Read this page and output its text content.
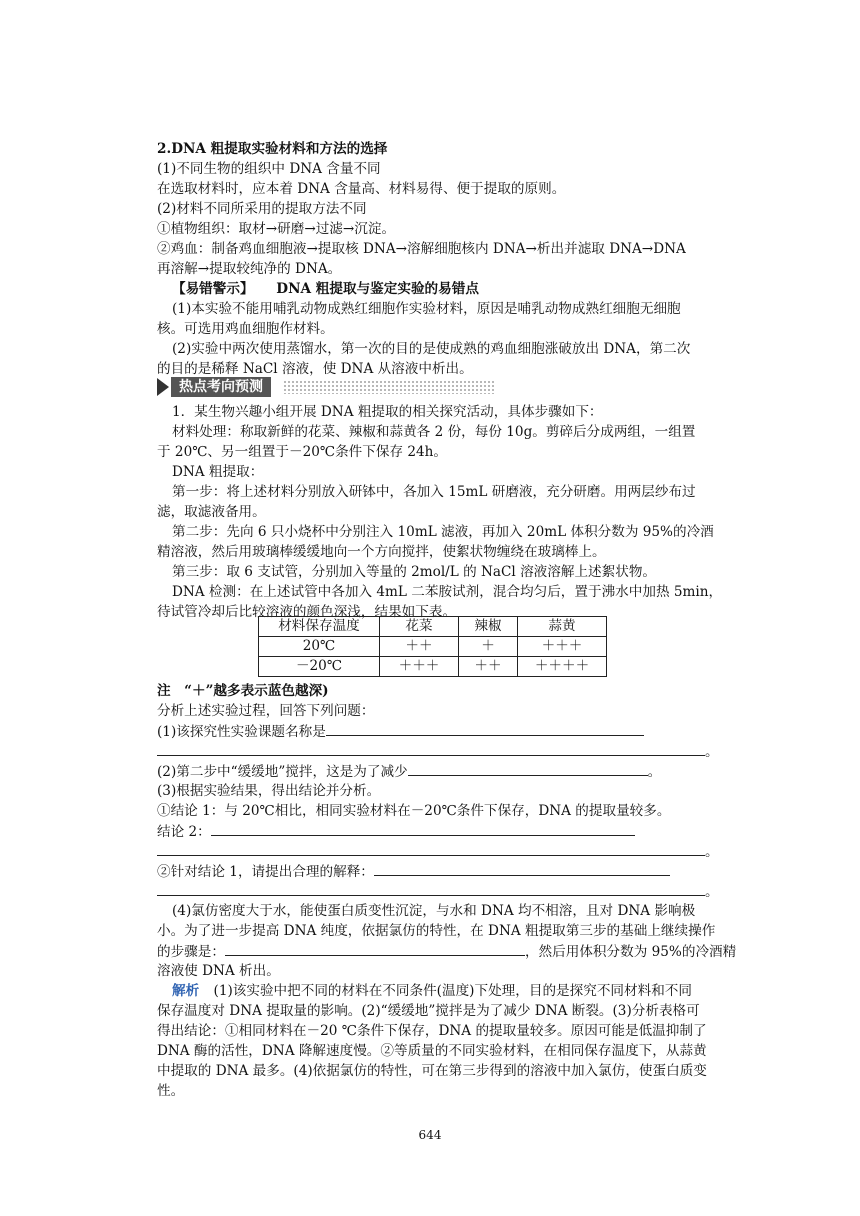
2.DNA 粗提取实验材料和方法的选择
(1)不同生物的组织中 DNA 含量不同
在选取材料时，应本着 DNA 含量高、材料易得、便于提取的原则。
(2)材料不同所采用的提取方法不同
①植物组织：取材→研磨→过滤→沉淀。
②鸡血：制备鸡血细胞液→提取核 DNA→溶解细胞核内 DNA→析出并滤取 DNA→DNA
再溶解→提取较纯净的 DNA。
【易错警示】 DNA 粗提取与鉴定实验的易错点
(1)本实验不能用哺乳动物成熟红细胞作实验材料，原因是哺乳动物成熟红细胞无细胞
核。可选用鸡血细胞作材料。
(2)实验中两次使用蒸馏水，第一次的目的是使成熟的鸡血细胞涨破放出 DNA，第二次
的目的是稀释 NaCl 溶液，使 DNA 从溶液中析出。
热点考向预测
1．某生物兴趣小组开展 DNA 粗提取的相关探究活动，具体步骤如下：
材料处理：称取新鲜的花菜、辣椒和蒜黄各 2 份，每份 10g。剪碎后分成两组，一组置
于 20℃、另一组置于－20℃条件下保存 24h。
DNA 粗提取：
第一步：将上述材料分别放入研钵中，各加入 15mL 研磨液，充分研磨。用两层纱布过
滤，取滤液备用。
第二步：先向 6 只小烧杯中分别注入 10mL 滤液，再加入 20mL 体积分数为 95%的冷酒
精溶液，然后用玻璃棒缓缓地向一个方向搅拌，使絮状物缠绕在玻璃棒上。
第三步：取 6 支试管，分别加入等量的 2mol/L 的 NaCl 溶液溶解上述絮状物。
DNA 检测：在上述试管中各加入 4mL 二苯胺试剂，混合均匀后，置于沸水中加热 5min，
待试管冷却后比较溶液的颜色深浅，结果如下表。
材料保存温度	花菜	辣椒	蒜黄
20℃	＋＋	＋	＋＋＋
－20℃	＋＋＋	＋＋	＋＋＋＋
注　“＋”越多表示蓝色越深)
分析上述实验过程，回答下列问题：
(1)该探究性实验课题名称是
。
(2)第二步中“缓缓地”搅拌，这是为了减少	。
(3)根据实验结果，得出结论并分析。
①结论 1：与 20℃相比，相同实验材料在－20℃条件下保存，DNA 的提取量较多。
结论 2：
。
②针对结论 1，请提出合理的解释：
。
(4)氯仿密度大于水，能使蛋白质变性沉淀，与水和 DNA 均不相溶，且对 DNA 影响极
小。为了进一步提高 DNA 纯度，依据氯仿的特性，在 DNA 粗提取第三步的基础上继续操作
的步骤是：	，然后用体积分数为 95%的冷酒精
溶液使 DNA 析出。
解析 (1)该实验中把不同的材料在不同条件(温度)下处理，目的是探究不同材料和不同
保存温度对 DNA 提取量的影响。(2)“缓缓地”搅拌是为了减少 DNA 断裂。(3)分析表格可
得出结论：①相同材料在－20 ℃条件下保存，DNA 的提取量较多。原因可能是低温抑制了
DNA 酶的活性，DNA 降解速度慢。②等质量的不同实验材料，在相同保存温度下，从蒜黄
中提取的 DNA 最多。(4)依据氯仿的特性，可在第三步得到的溶液中加入氯仿，使蛋白质变
性。
644
